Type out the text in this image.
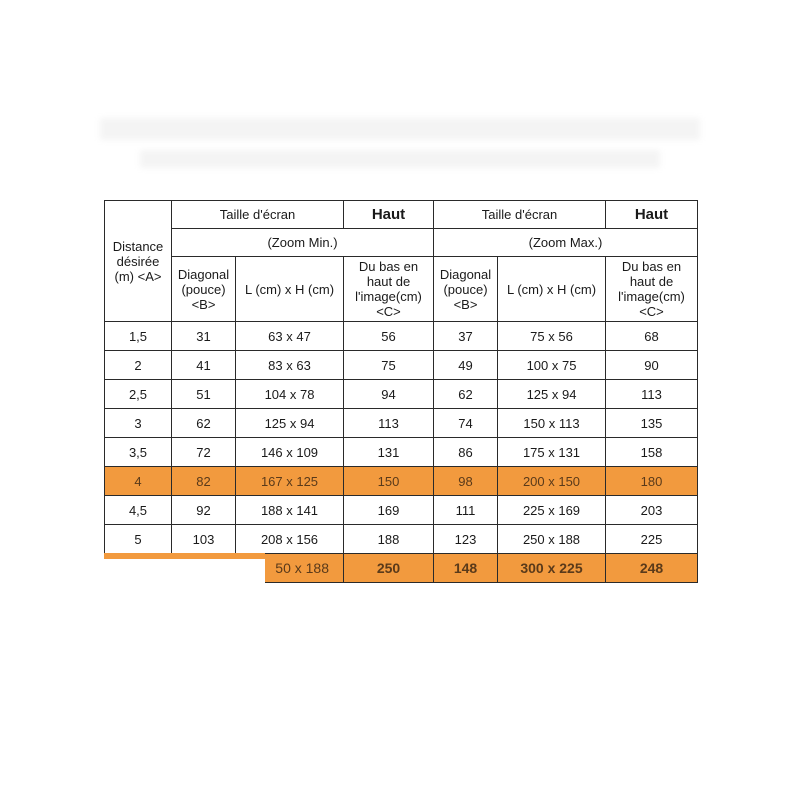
Distance désirée (m) <A>	Taille d'écran		Haut	Taille d'écran		Haut
	(Zoom Min.)			(Zoom Max.)		
	Diagonal (pouce) <B>	L (cm) x H (cm)	Du bas en haut de l'image(cm) <C>	Diagonal (pouce) <B>	L (cm) x H (cm)	Du bas en haut de l'image(cm) <C>
1,5	31	63 x 47	56	37	75 x 56	68
2	41	83 x 63	75	49	100 x 75	90
2,5	51	104 x 78	94	62	125 x 94	113
3	62	125 x 94	113	74	150 x 113	135
3,5	72	146 x 109	131	86	175 x 131	158
4	82	167 x 125	150	98	200 x 150	180
4,5	92	188 x 141	169	111	225 x 169	203
5	103	208 x 156	188	123	250 x 188	225
		50 x 188	250	148	300 x 225	248
